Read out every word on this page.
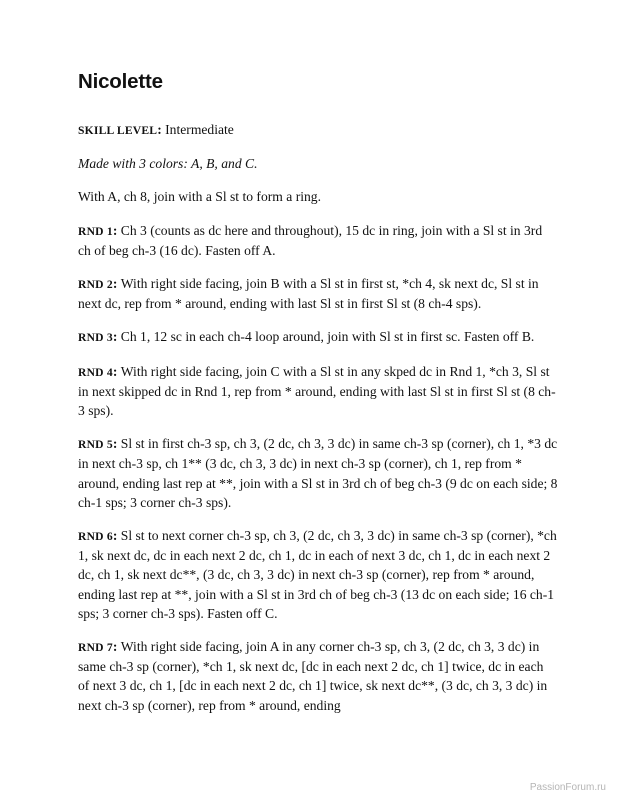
Nicolette

SKILL LEVEL: Intermediate

Made with 3 colors: A, B, and C.

With A, ch 8, join with a Sl st to form a ring.

RND 1: Ch 3 (counts as dc here and throughout), 15 dc in ring, join with a Sl st in 3rd ch of beg ch-3 (16 dc). Fasten off A.

RND 2: With right side facing, join B with a Sl st in first st, *ch 4, sk next dc, Sl st in next dc, rep from * around, ending with last Sl st in first Sl st (8 ch-4 sps).

RND 3: Ch 1, 12 sc in each ch-4 loop around, join with Sl st in first sc. Fasten off B.

RND 4: With right side facing, join C with a Sl st in any skped dc in Rnd 1, *ch 3, Sl st in next skipped dc in Rnd 1, rep from * around, ending with last Sl st in first Sl st (8 ch-3 sps).

RND 5: Sl st in first ch-3 sp, ch 3, (2 dc, ch 3, 3 dc) in same ch-3 sp (corner), ch 1, *3 dc in next ch-3 sp, ch 1** (3 dc, ch 3, 3 dc) in next ch-3 sp (corner), ch 1, rep from * around, ending last rep at **, join with a Sl st in 3rd ch of beg ch-3 (9 dc on each side; 8 ch-1 sps; 3 corner ch-3 sps).

RND 6: Sl st to next corner ch-3 sp, ch 3, (2 dc, ch 3, 3 dc) in same ch-3 sp (corner), *ch 1, sk next dc, dc in each next 2 dc, ch 1, dc in each of next 3 dc, ch 1, dc in each next 2 dc, ch 1, sk next dc**, (3 dc, ch 3, 3 dc) in next ch-3 sp (corner), rep from * around, ending last rep at **, join with a Sl st in 3rd ch of beg ch-3 (13 dc on each side; 16 ch-1 sps; 3 corner ch-3 sps). Fasten off C.

RND 7: With right side facing, join A in any corner ch-3 sp, ch 3, (2 dc, ch 3, 3 dc) in same ch-3 sp (corner), *ch 1, sk next dc, [dc in each next 2 dc, ch 1] twice, dc in each of next 3 dc, ch 1, [dc in each next 2 dc, ch 1] twice, sk next dc**, (3 dc, ch 3, 3 dc) in next ch-3 sp (corner), rep from * around, ending

PassionForum.ru
